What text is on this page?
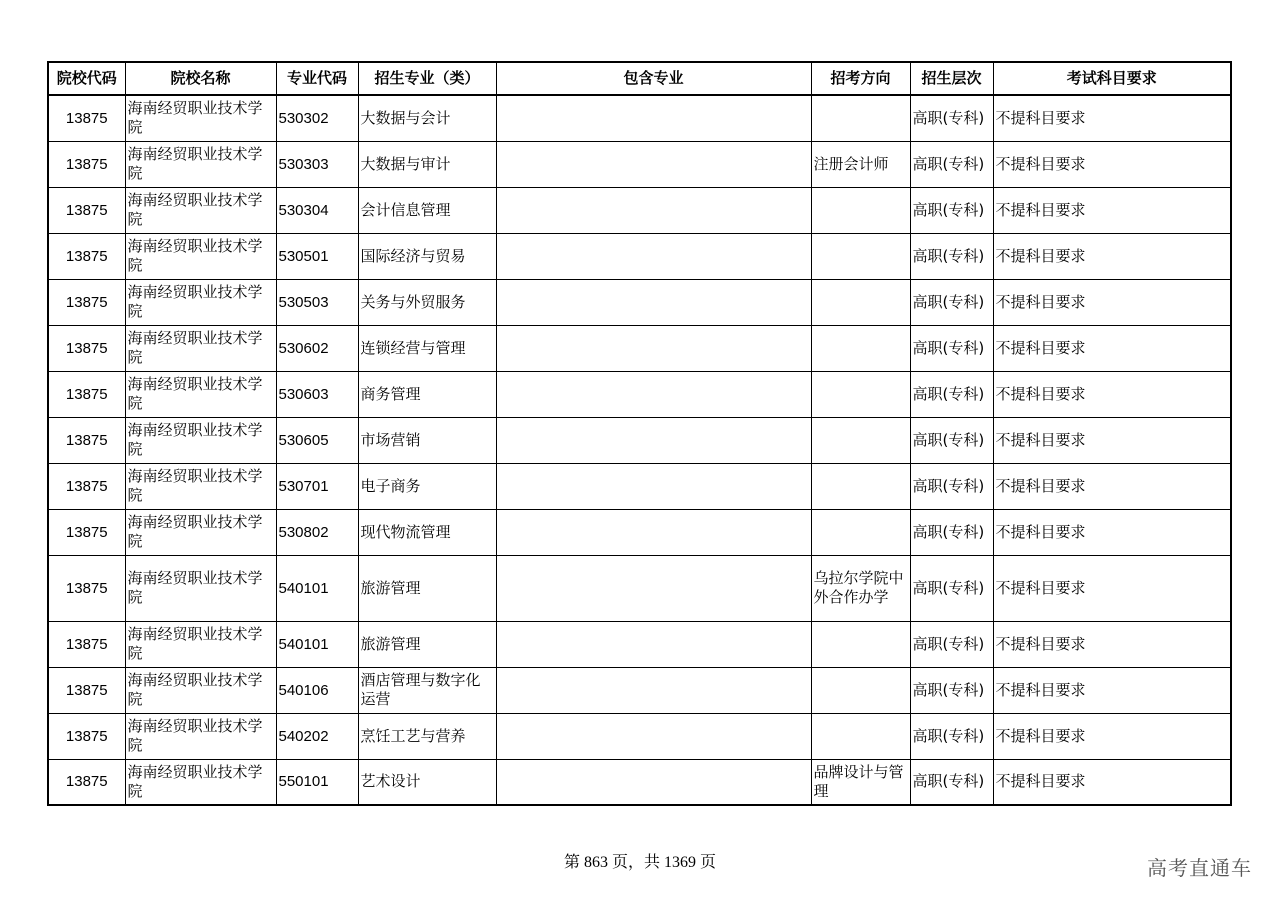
院校代码	院校名称	专业代码	招生专业（类）	包含专业	招考方向	招生层次	考试科目要求
13875	海南经贸职业技术学院	530302	大数据与会计			高职(专科)	不提科目要求
13875	海南经贸职业技术学院	530303	大数据与审计		注册会计师	高职(专科)	不提科目要求
13875	海南经贸职业技术学院	530304	会计信息管理			高职(专科)	不提科目要求
13875	海南经贸职业技术学院	530501	国际经济与贸易			高职(专科)	不提科目要求
13875	海南经贸职业技术学院	530503	关务与外贸服务			高职(专科)	不提科目要求
13875	海南经贸职业技术学院	530602	连锁经营与管理			高职(专科)	不提科目要求
13875	海南经贸职业技术学院	530603	商务管理			高职(专科)	不提科目要求
13875	海南经贸职业技术学院	530605	市场营销			高职(专科)	不提科目要求
13875	海南经贸职业技术学院	530701	电子商务			高职(专科)	不提科目要求
13875	海南经贸职业技术学院	530802	现代物流管理			高职(专科)	不提科目要求
13875	海南经贸职业技术学院	540101	旅游管理		乌拉尔学院中外合作办学	高职(专科)	不提科目要求
13875	海南经贸职业技术学院	540101	旅游管理			高职(专科)	不提科目要求
13875	海南经贸职业技术学院	540106	酒店管理与数字化运营			高职(专科)	不提科目要求
13875	海南经贸职业技术学院	540202	烹饪工艺与营养			高职(专科)	不提科目要求
13875	海南经贸职业技术学院	550101	艺术设计		品牌设计与管理	高职(专科)	不提科目要求
第 863 页，共 1369 页	高考直通车
